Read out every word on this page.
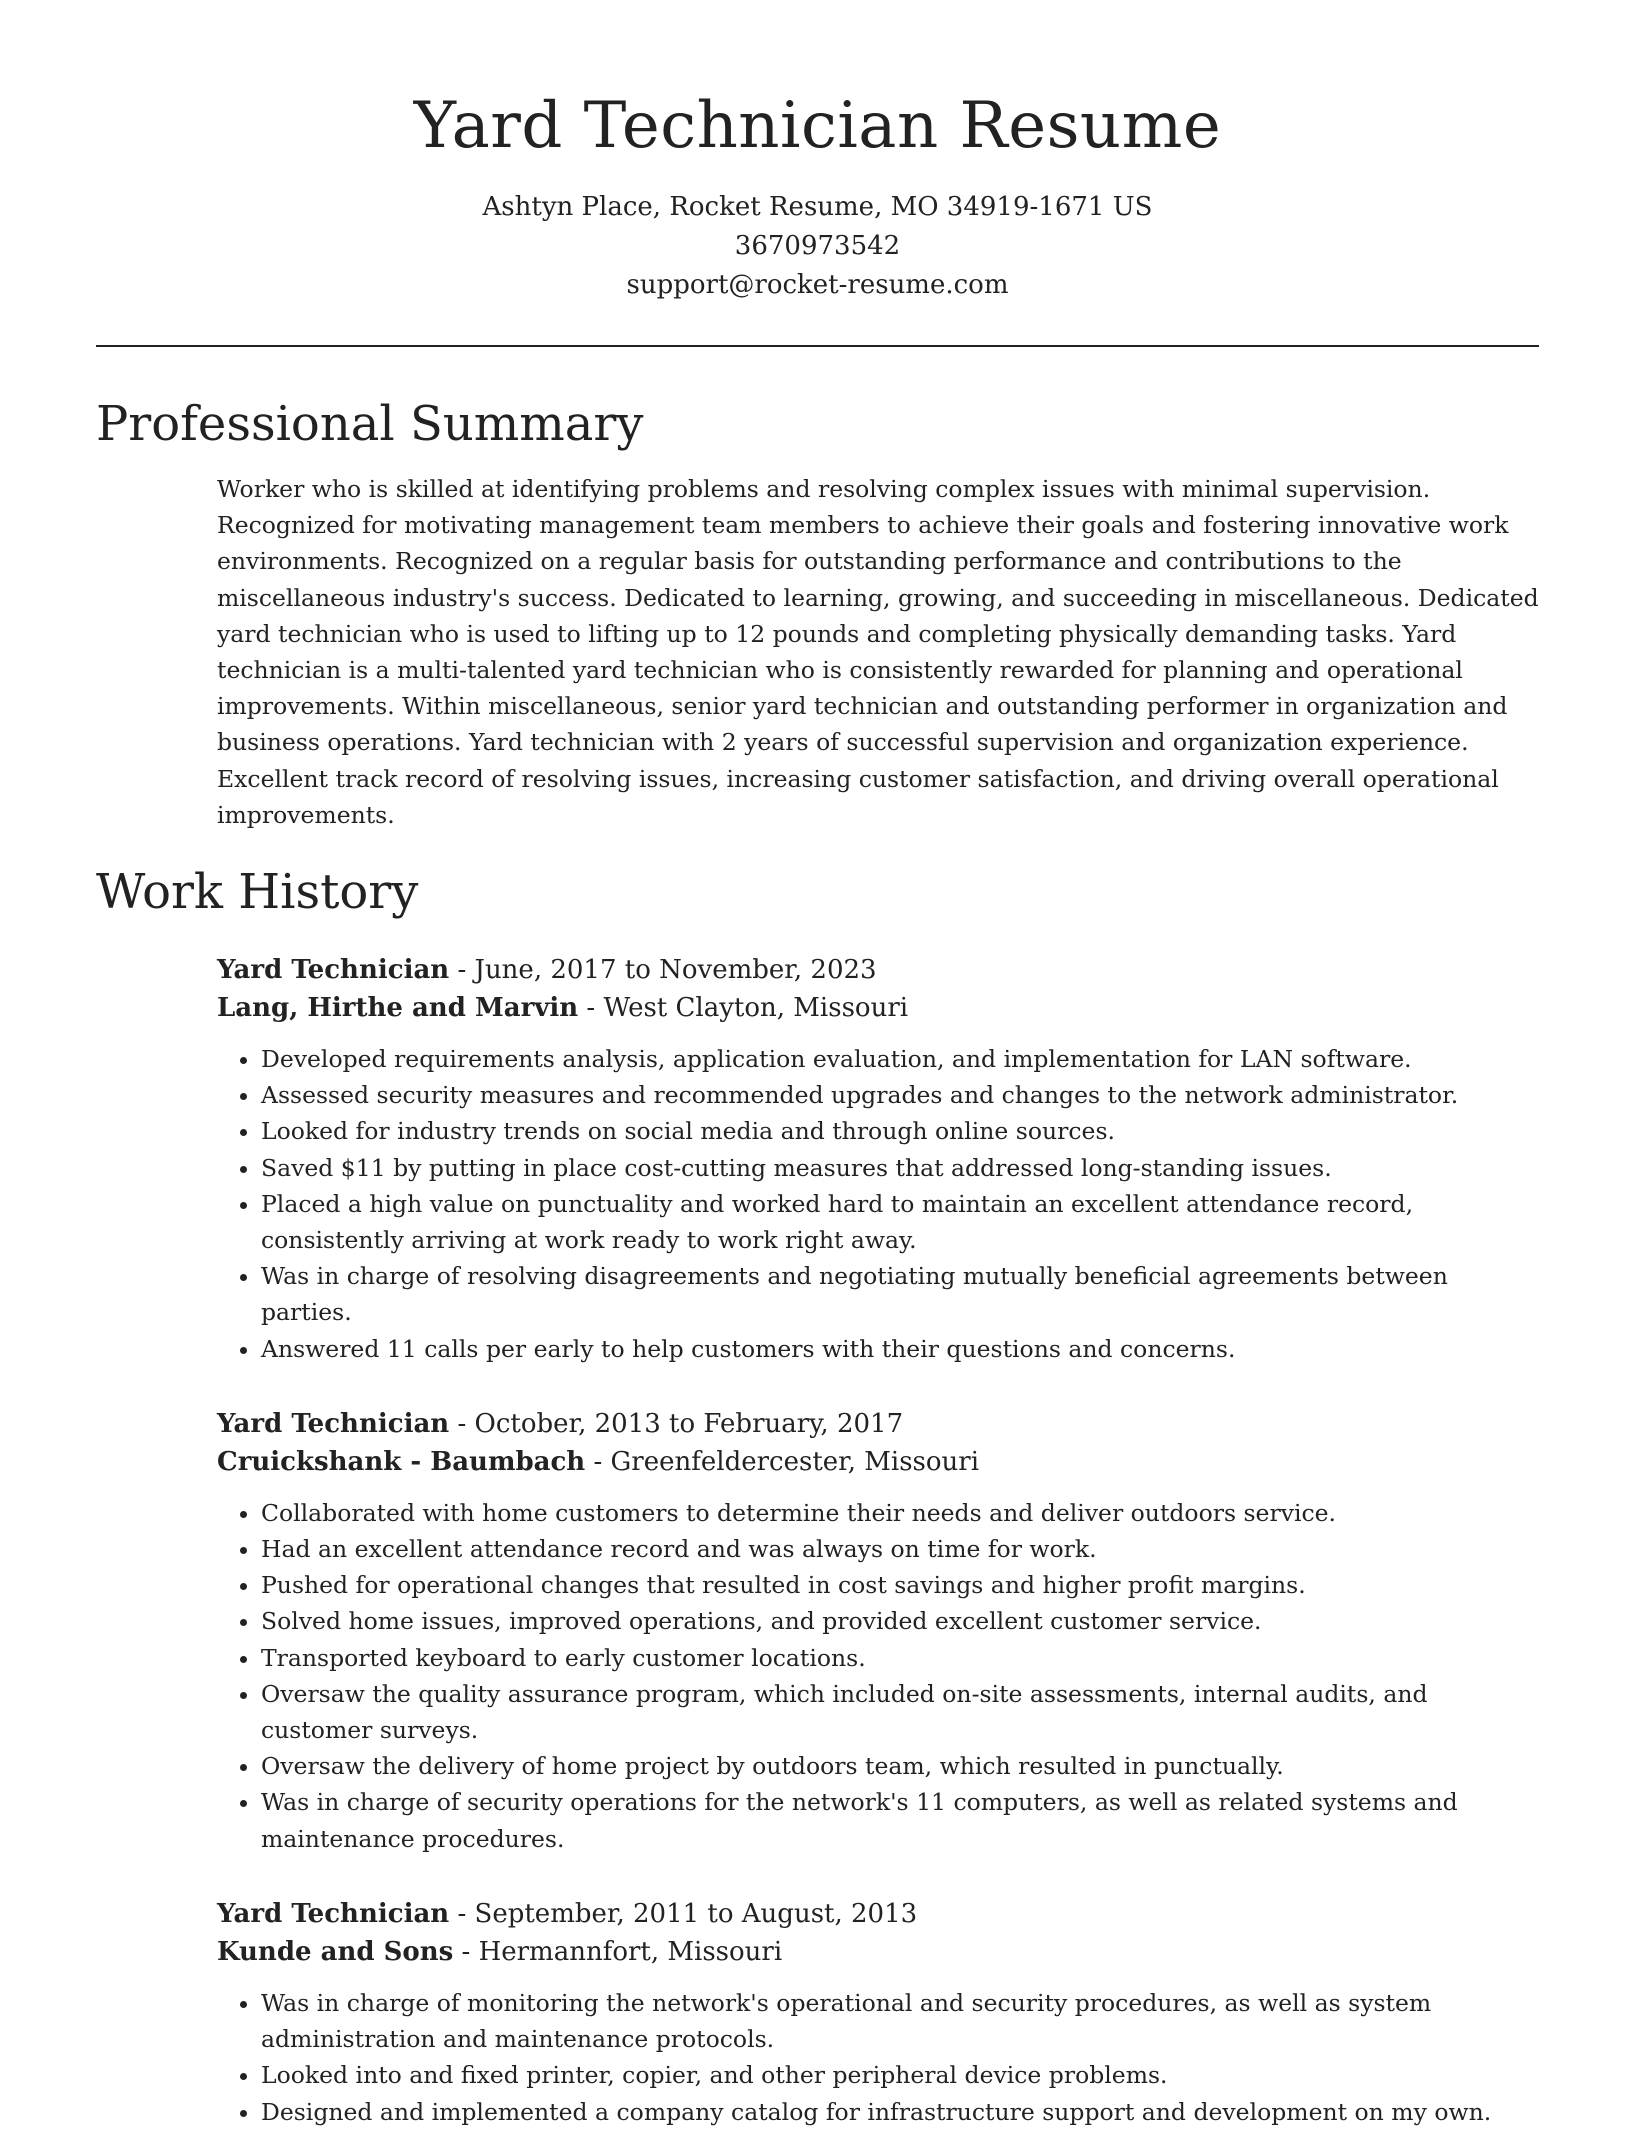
Yard Technician Resume
Ashtyn Place, Rocket Resume, MO 34919-1671 US
3670973542
support@rocket-resume.com
Professional Summary
Worker who is skilled at identifying problems and resolving complex issues with minimal supervision. Recognized for motivating management team members to achieve their goals and fostering innovative work environments. Recognized on a regular basis for outstanding performance and contributions to the miscellaneous industry's success. Dedicated to learning, growing, and succeeding in miscellaneous. Dedicated yard technician who is used to lifting up to 12 pounds and completing physically demanding tasks. Yard technician is a multi-talented yard technician who is consistently rewarded for planning and operational improvements. Within miscellaneous, senior yard technician and outstanding performer in organization and business operations. Yard technician with 2 years of successful supervision and organization experience. Excellent track record of resolving issues, increasing customer satisfaction, and driving overall operational improvements.
Work History
Yard Technician - June, 2017 to November, 2023
Lang, Hirthe and Marvin - West Clayton, Missouri
• Developed requirements analysis, application evaluation, and implementation for LAN software.
• Assessed security measures and recommended upgrades and changes to the network administrator.
• Looked for industry trends on social media and through online sources.
• Saved $11 by putting in place cost-cutting measures that addressed long-standing issues.
• Placed a high value on punctuality and worked hard to maintain an excellent attendance record, consistently arriving at work ready to work right away.
• Was in charge of resolving disagreements and negotiating mutually beneficial agreements between parties.
• Answered 11 calls per early to help customers with their questions and concerns.
Yard Technician - October, 2013 to February, 2017
Cruickshank - Baumbach - Greenfeldercester, Missouri
• Collaborated with home customers to determine their needs and deliver outdoors service.
• Had an excellent attendance record and was always on time for work.
• Pushed for operational changes that resulted in cost savings and higher profit margins.
• Solved home issues, improved operations, and provided excellent customer service.
• Transported keyboard to early customer locations.
• Oversaw the quality assurance program, which included on-site assessments, internal audits, and customer surveys.
• Oversaw the delivery of home project by outdoors team, which resulted in punctually.
• Was in charge of security operations for the network's 11 computers, as well as related systems and maintenance procedures.
Yard Technician - September, 2011 to August, 2013
Kunde and Sons - Hermannfort, Missouri
• Was in charge of monitoring the network's operational and security procedures, as well as system administration and maintenance protocols.
• Looked into and fixed printer, copier, and other peripheral device problems.
• Designed and implemented a company catalog for infrastructure support and development on my own.
